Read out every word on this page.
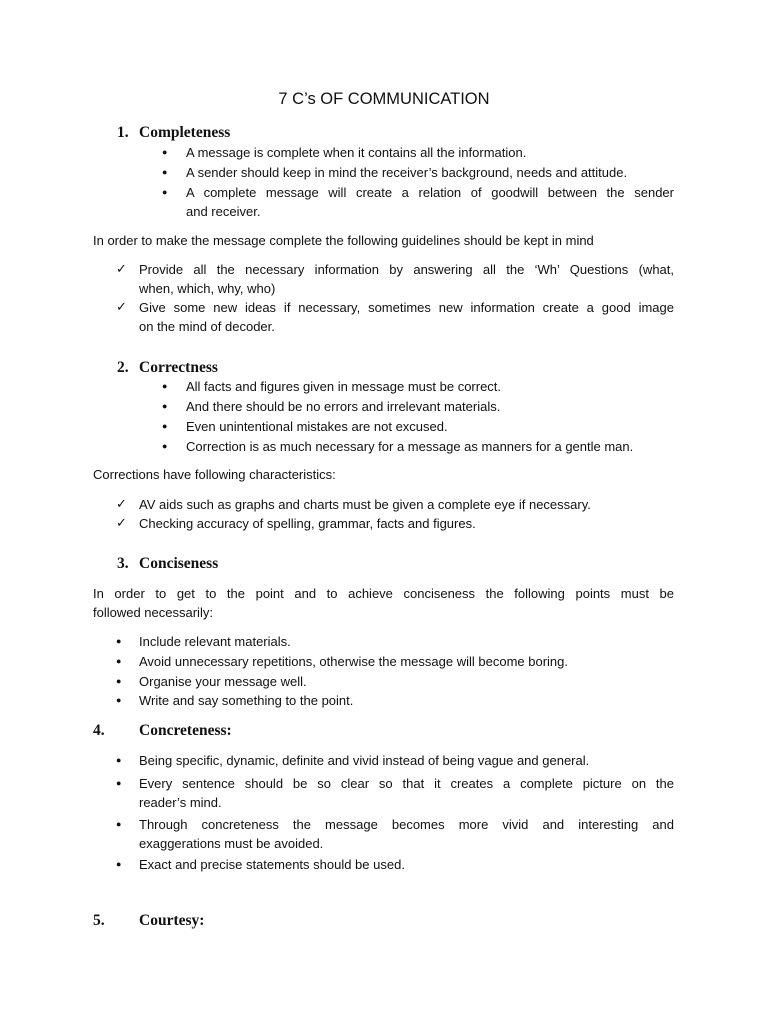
7 C’s OF COMMUNICATION
1. Completeness
● A message is complete when it contains all the information.
● A sender should keep in mind the receiver’s background, needs and attitude.
● A complete message will create a relation of goodwill between the sender
and receiver.
In order to make the message complete the following guidelines should be kept in mind
✓ Provide all the necessary information by answering all the ‘Wh’ Questions (what,
when, which, why, who)
✓ Give some new ideas if necessary, sometimes new information create a good image
on the mind of decoder.
2. Correctness
● All facts and figures given in message must be correct.
● And there should be no errors and irrelevant materials.
● Even unintentional mistakes are not excused.
● Correction is as much necessary for a message as manners for a gentle man.
Corrections have following characteristics:
✓ AV aids such as graphs and charts must be given a complete eye if necessary.
✓ Checking accuracy of spelling, grammar, facts and figures.
3. Conciseness
In order to get to the point and to achieve conciseness the following points must be
followed necessarily:
● Include relevant materials.
● Avoid unnecessary repetitions, otherwise the message will become boring.
● Organise your message well.
● Write and say something to the point.
4. Concreteness:
● Being specific, dynamic, definite and vivid instead of being vague and general.
● Every sentence should be so clear so that it creates a complete picture on the
reader’s mind.
● Through concreteness the message becomes more vivid and interesting and
exaggerations must be avoided.
● Exact and precise statements should be used.
5. Courtesy:
